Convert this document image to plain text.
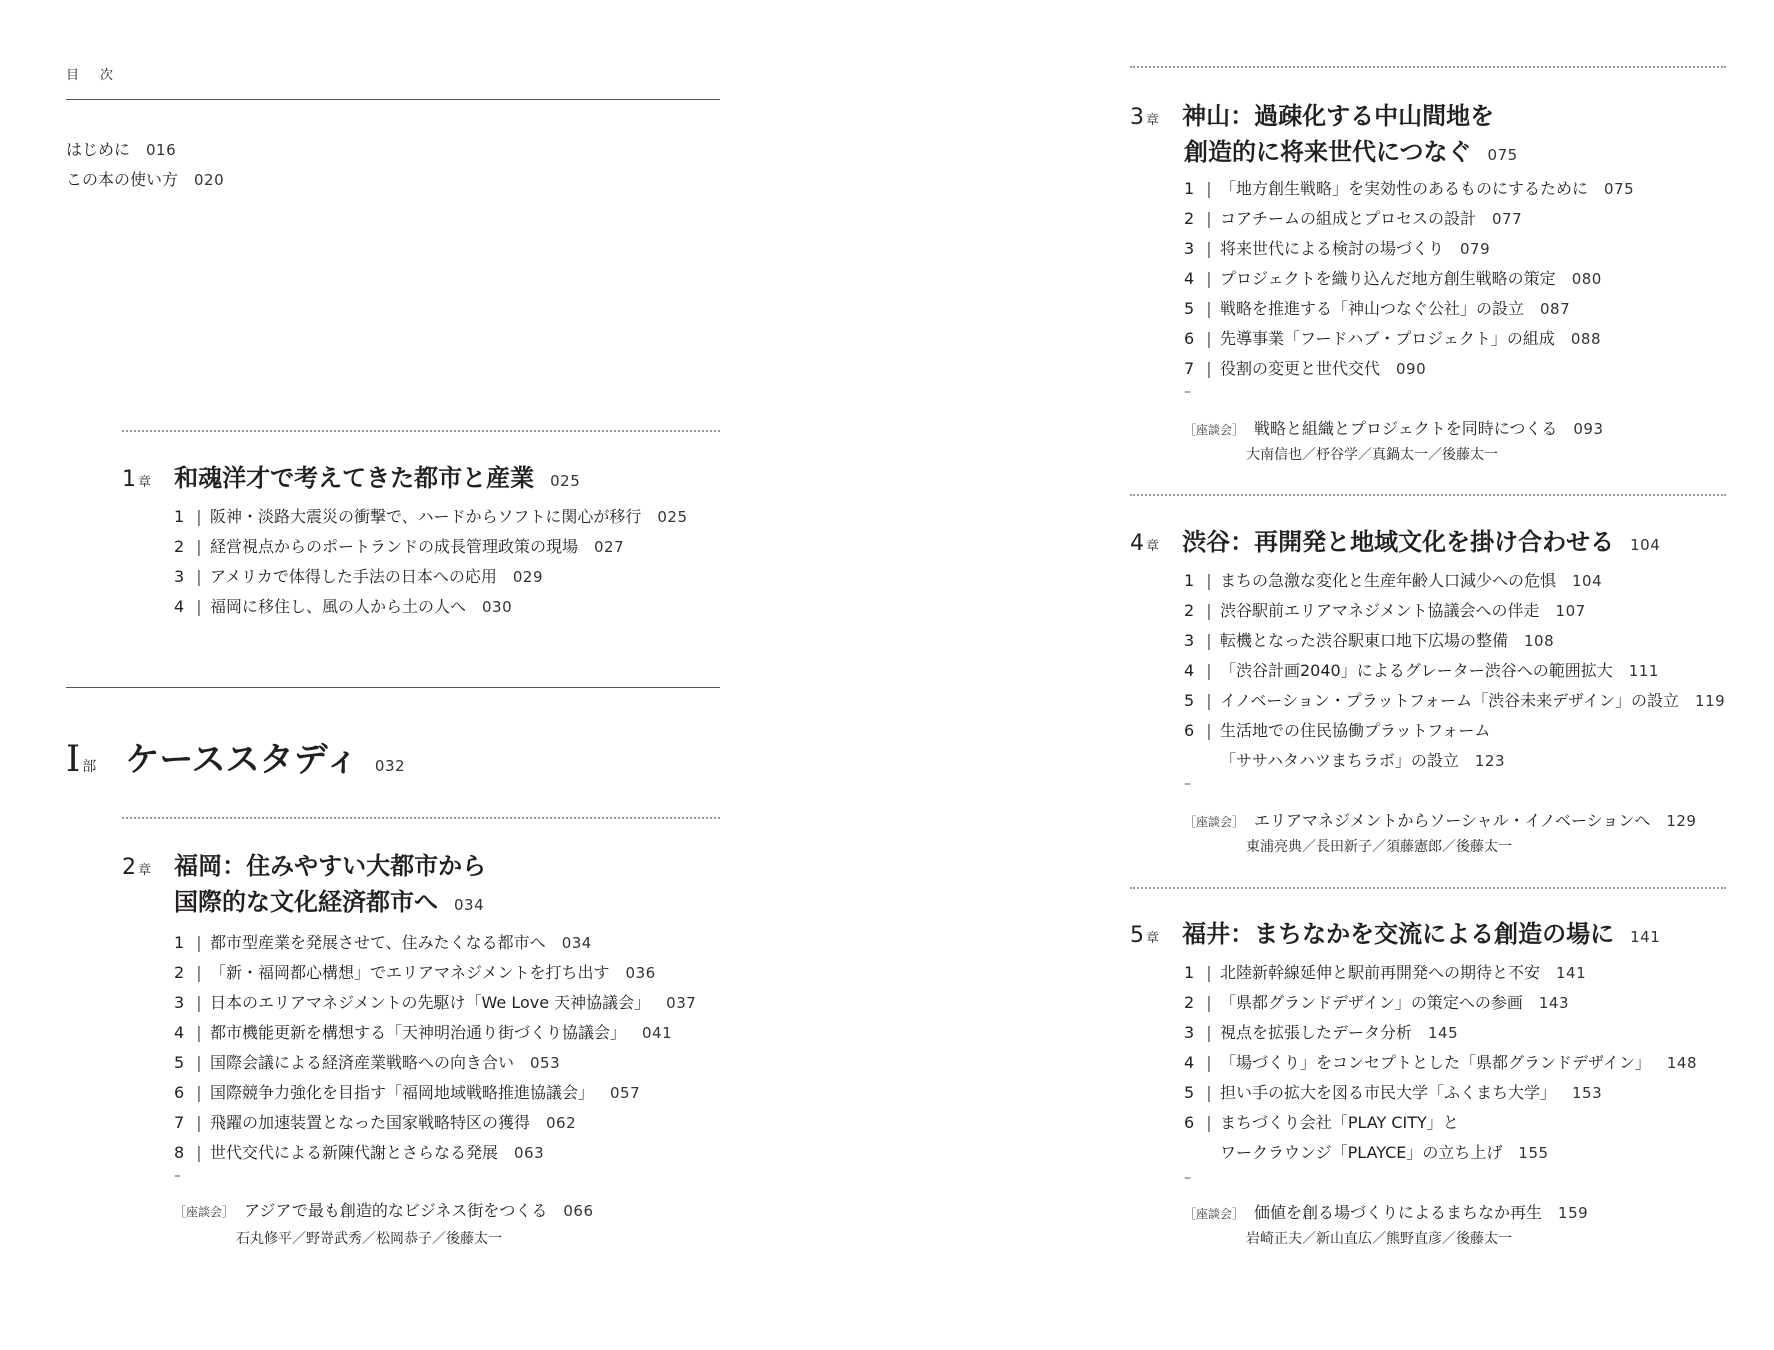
目　次
はじめに 016
この本の使い方 020
1 章 和魂洋才で考えてきた都市と産業 025
1 | 阪神・淡路大震災の衝撃で、ハードからソフトに関心が移行 025
2 | 経営視点からのポートランドの成長管理政策の現場 027
3 | アメリカで体得した手法の日本への応用 029
4 | 福岡に移住し、風の人から土の人へ 030
I部 ケーススタディ 032
2 章 福岡：住みやすい大都市から
国際的な文化経済都市へ 034
1 | 都市型産業を発展させて、住みたくなる都市へ 034
2 | 「新・福岡都心構想」でエリアマネジメントを打ち出す 036
3 | 日本のエリアマネジメントの先駆け「We Love 天神協議会」 037
4 | 都市機能更新を構想する「天神明治通り街づくり協議会」 041
5 | 国際会議による経済産業戦略への向き合い 053
6 | 国際競争力強化を目指す「福岡地域戦略推進協議会」 057
7 | 飛躍の加速装置となった国家戦略特区の獲得 062
8 | 世代交代による新陳代謝とさらなる発展 063
–
［座談会］ アジアで最も創造的なビジネス街をつくる 066
石丸修平／野嵜武秀／松岡恭子／後藤太一
3 章 神山：過疎化する中山間地を
創造的に将来世代につなぐ 075
1 | 「地方創生戦略」を実効性のあるものにするために 075
2 | コアチームの組成とプロセスの設計 077
3 | 将来世代による検討の場づくり 079
4 | プロジェクトを織り込んだ地方創生戦略の策定 080
5 | 戦略を推進する「神山つなぐ公社」の設立 087
6 | 先導事業「フードハブ・プロジェクト」の組成 088
7 | 役割の変更と世代交代 090
–
［座談会］ 戦略と組織とプロジェクトを同時につくる 093
大南信也／杼谷学／真鍋太一／後藤太一
4 章 渋谷：再開発と地域文化を掛け合わせる 104
1 | まちの急激な変化と生産年齢人口減少への危惧 104
2 | 渋谷駅前エリアマネジメント協議会への伴走 107
3 | 転機となった渋谷駅東口地下広場の整備 108
4 | 「渋谷計画2040」によるグレーター渋谷への範囲拡大 111
5 | イノベーション・プラットフォーム「渋谷未来デザイン」の設立 119
6 | 生活地での住民協働プラットフォーム
「ササハタハツまちラボ」の設立 123
–
［座談会］ エリアマネジメントからソーシャル・イノベーションへ 129
東浦亮典／長田新子／須藤憲郎／後藤太一
5 章 福井：まちなかを交流による創造の場に 141
1 | 北陸新幹線延伸と駅前再開発への期待と不安 141
2 | 「県都グランドデザイン」の策定への参画 143
3 | 視点を拡張したデータ分析 145
4 | 「場づくり」をコンセプトとした「県都グランドデザイン」 148
5 | 担い手の拡大を図る市民大学「ふくまち大学」 153
6 | まちづくり会社「PLAY CITY」と
ワークラウンジ「PLAYCE」の立ち上げ 155
–
［座談会］ 価値を創る場づくりによるまちなか再生 159
岩崎正夫／新山直広／熊野直彦／後藤太一
